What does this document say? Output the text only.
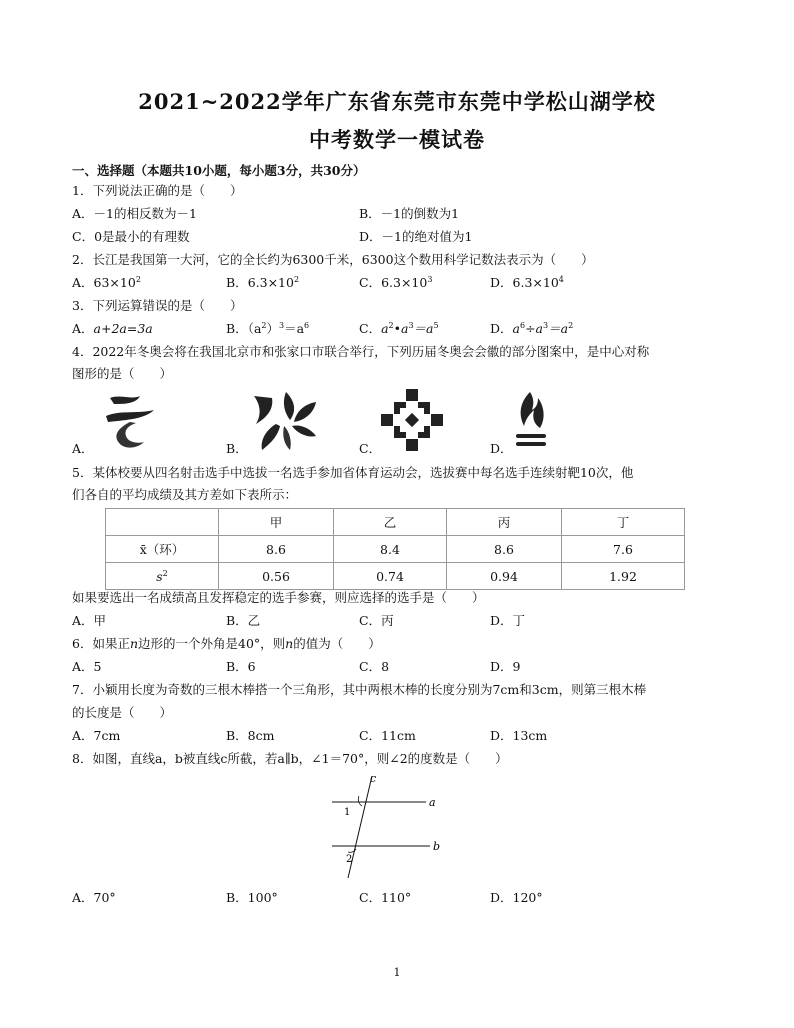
2021~2022学年广东省东莞市东莞中学松山湖学校
中考数学一模试卷
一、选择题（本题共10小题，每小题3分，共30分）
1．下列说法正确的是（　　）
A．－1的相反数为－1	B．－1的倒数为1
C．0是最小的有理数	D．－1的绝对值为1
2．长江是我国第一大河，它的全长约为6300千米，6300这个数用科学记数法表示为（　　）
A．$63\times 10^2$	B．$6.3\times 10^2$	C．$6.3\times 10^3$	D．$6.3\times 10^4$
3．下列运算错误的是（　　）
A．a+2a=3a	B．$(a^2)^3=a^6$	C．$a^2•a^3=a^5$	D．$a^6\div a^3=a^2$
4．2022年冬奥会将在我国北京市和张家口市联合举行，下列历届冬奥会会徽的部分图案中，是中心对称
图形的是（　　）
A．	B．	C．	D．
5．某体校要从四名射击选手中选拔一名选手参加省体育运动会，选拔赛中每名选手连续射靶10次，他
们各自的平均成绩及其方差如下表所示：
	甲	乙	丙	丁
x̄（环）	8.6	8.4	8.6	7.6
$s^2$	0.56	0.74	0.94	1.92
如果要选出一名成绩高且发挥稳定的选手参赛，则应选择的选手是（　　）
A．甲	B．乙	C．丙	D．丁
6．如果正n边形的一个外角是40°，则n的值为（　　）
A．5	B．6	C．8	D．9
7．小颖用长度为奇数的三根木棒搭一个三角形，其中两根木棒的长度分别为7cm和3cm，则第三根木棒
的长度是（　　）
A．7cm	B．8cm	C．11cm	D．13cm
8．如图，直线a，b被直线c所截，若a∥b，∠1＝70°，则∠2的度数是（　　）
c
a
b
1
2
A．70°	B．100°	C．110°	D．120°
1
